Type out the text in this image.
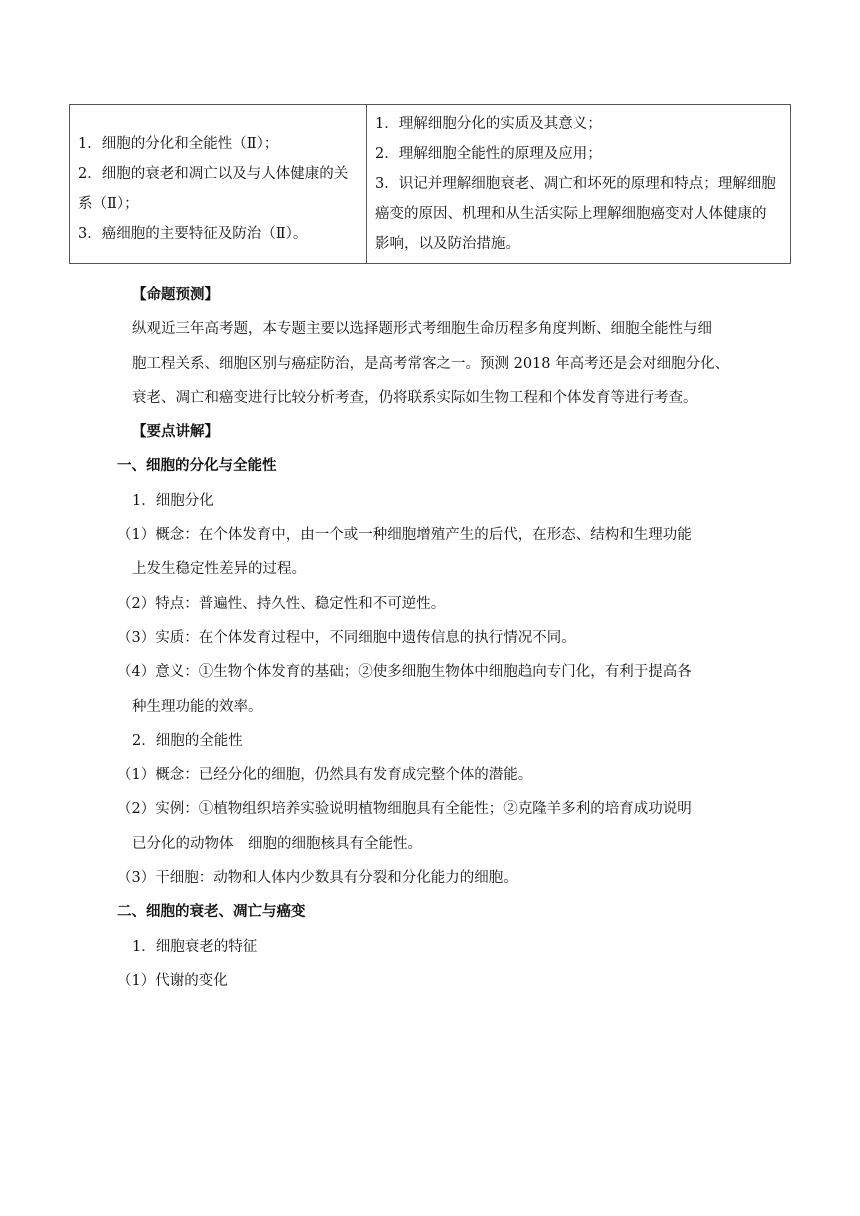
1．细胞的分化和全能性（Ⅱ）；
2．细胞的衰老和凋亡以及与人体健康的关
系（Ⅱ）；
3．癌细胞的主要特征及防治（Ⅱ）。

1．理解细胞分化的实质及其意义；
2．理解细胞全能性的原理及应用；
3．识记并理解细胞衰老、凋亡和坏死的原理和特点；理解细胞
癌变的原因、机理和从生活实际上理解细胞癌变对人体健康的
影响，以及防治措施。
【命题预测】
纵观近三年高考题，本专题主要以选择题形式考细胞生命历程多角度判断、细胞全能性与细
胞工程关系、细胞区别与癌症防治，是高考常客之一。预测 2018 年高考还是会对细胞分化、
衰老、凋亡和癌变进行比较分析考查，仍将联系实际如生物工程和个体发育等进行考查。
【要点讲解】
一、细胞的分化与全能性
1．细胞分化
（1）概念：在个体发育中，由一个或一种细胞增殖产生的后代，在形态、结构和生理功能
上发生稳定性差异的过程。
（2）特点：普遍性、持久性、稳定性和不可逆性。
（3）实质：在个体发育过程中，不同细胞中遗传信息的执行情况不同。
（4）意义：①生物个体发育的基础；②使多细胞生物体中细胞趋向专门化，有利于提高各
种生理功能的效率。
2．细胞的全能性
（1）概念：已经分化的细胞，仍然具有发育成完整个体的潜能。
（2）实例：①植物组织培养实验说明植物细胞具有全能性；②克隆羊多利的培育成功说明
已分化的动物体　细胞的细胞核具有全能性。
（3）干细胞：动物和人体内少数具有分裂和分化能力的细胞。
二、细胞的衰老、凋亡与癌变
1．细胞衰老的特征
（1）代谢的变化
